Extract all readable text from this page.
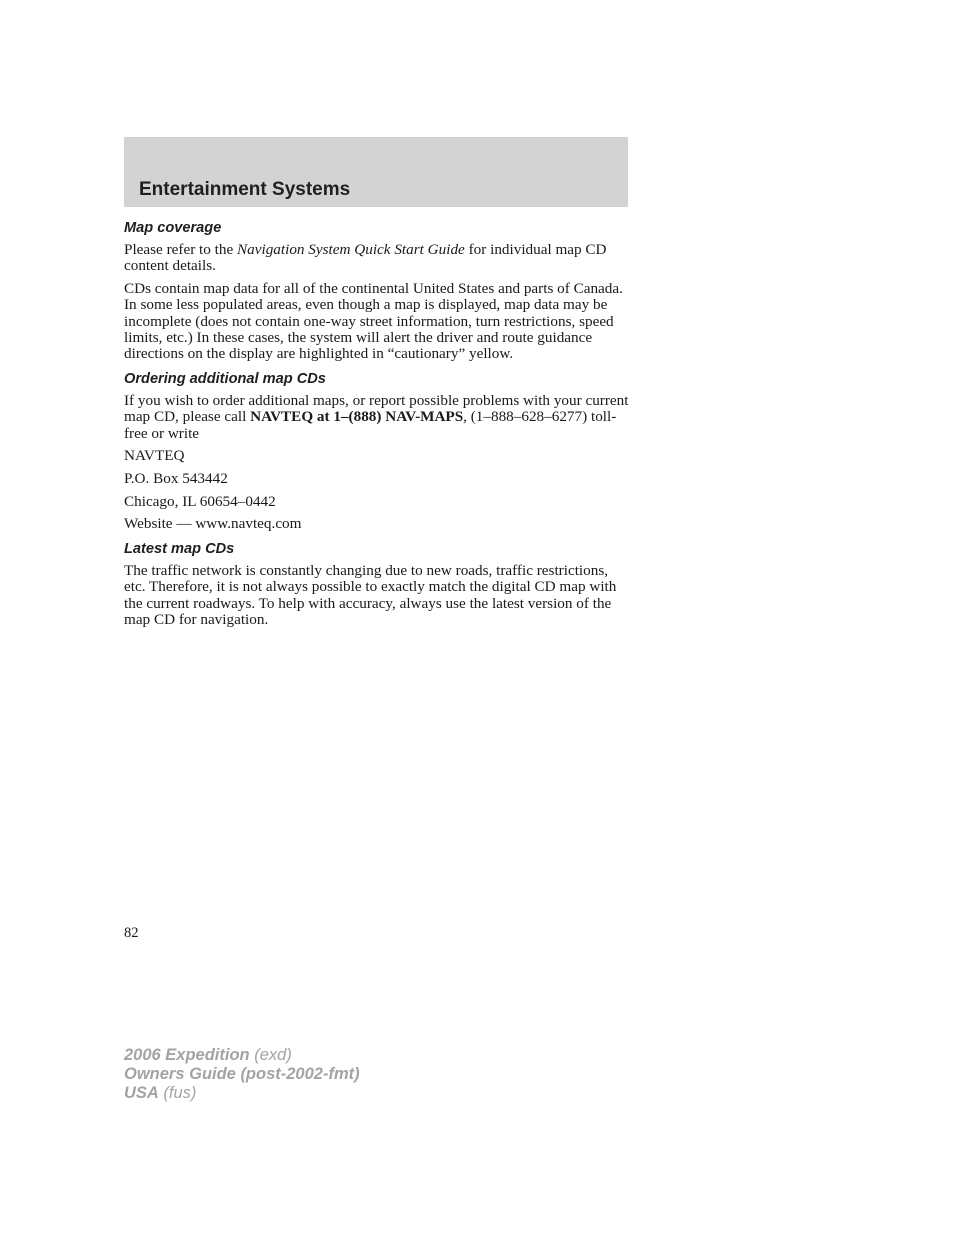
Entertainment Systems
Map coverage

Please refer to the Navigation System Quick Start Guide for individual map CD content details.

CDs contain map data for all of the continental United States and parts of Canada. In some less populated areas, even though a map is displayed, map data may be incomplete (does not contain one-way street information, turn restrictions, speed limits, etc.) In these cases, the system will alert the driver and route guidance directions on the display are highlighted in “cautionary” yellow.

Ordering additional map CDs

If you wish to order additional maps, or report possible problems with your current map CD, please call NAVTEQ at 1–(888) NAV-MAPS, (1–888–628–6277) toll-free or write

NAVTEQ

P.O. Box 543442

Chicago, IL 60654–0442

Website — www.navteq.com

Latest map CDs

The traffic network is constantly changing due to new roads, traffic restrictions, etc. Therefore, it is not always possible to exactly match the digital CD map with the current roadways. To help with accuracy, always use the latest version of the map CD for navigation.

82
2006 Expedition (exd)
Owners Guide (post-2002-fmt)
USA (fus)
